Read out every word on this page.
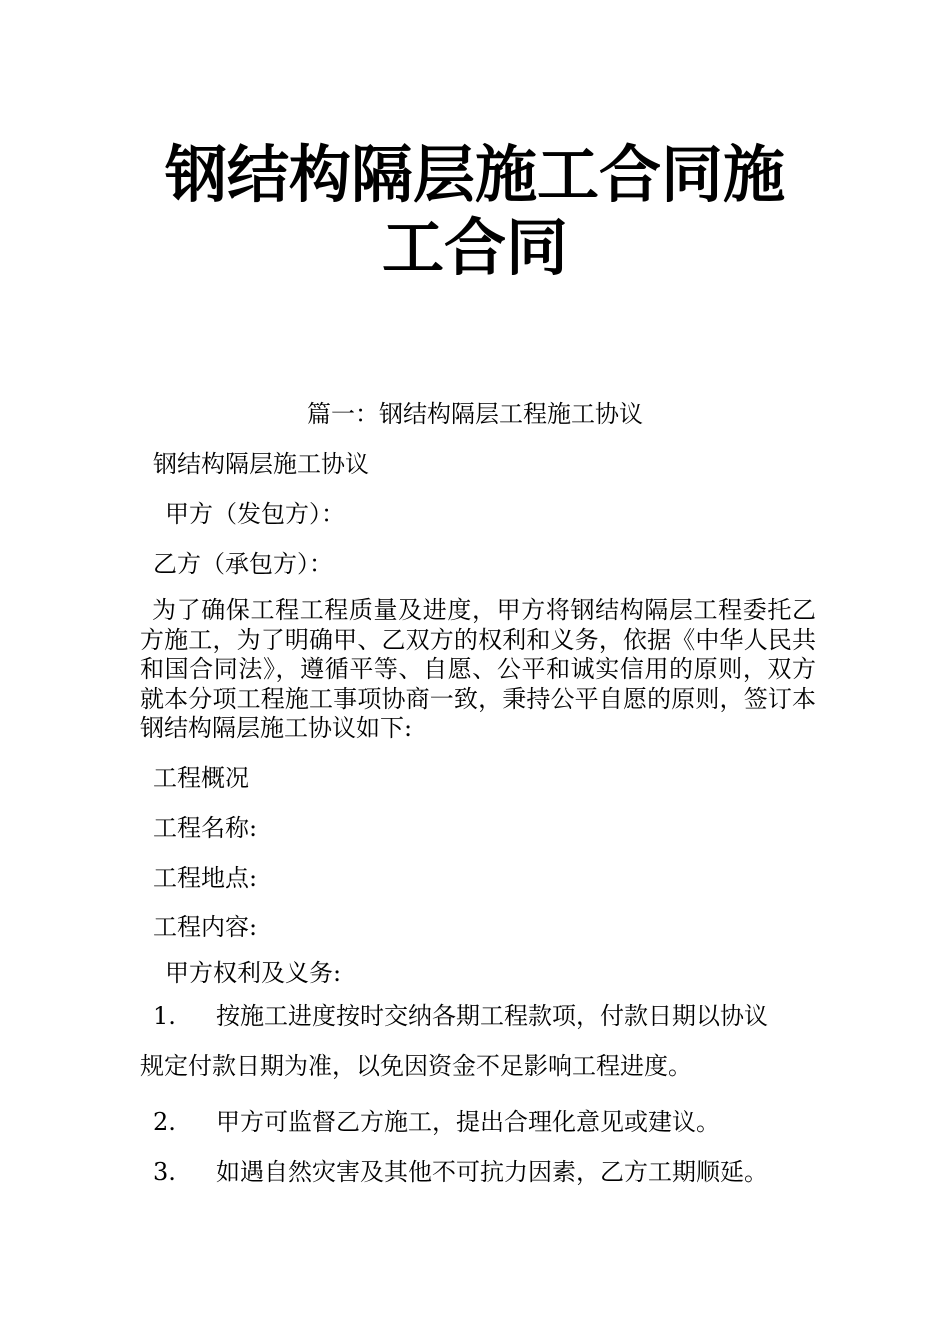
钢结构隔层施工合同施
工合同
篇一：钢结构隔层工程施工协议
钢结构隔层施工协议
甲方（发包方）：
乙方（承包方）：
为了确保工程工程质量及进度，甲方将钢结构隔层工程委托乙方施工，为了明确甲、乙双方的权利和义务，依据《中华人民共和国合同法》，遵循平等、自愿、公平和诚实信用的原则，双方就本分项工程施工事项协商一致，秉持公平自愿的原则，签订本钢结构隔层施工协议如下:
工程概况
工程名称:
工程地点:
工程内容:
甲方权利及义务:
1. 按施工进度按时交纳各期工程款项，付款日期以协议
规定付款日期为准，以免因资金不足影响工程进度。
2. 甲方可监督乙方施工，提出合理化意见或建议。
3. 如遇自然灾害及其他不可抗力因素，乙方工期顺延。
